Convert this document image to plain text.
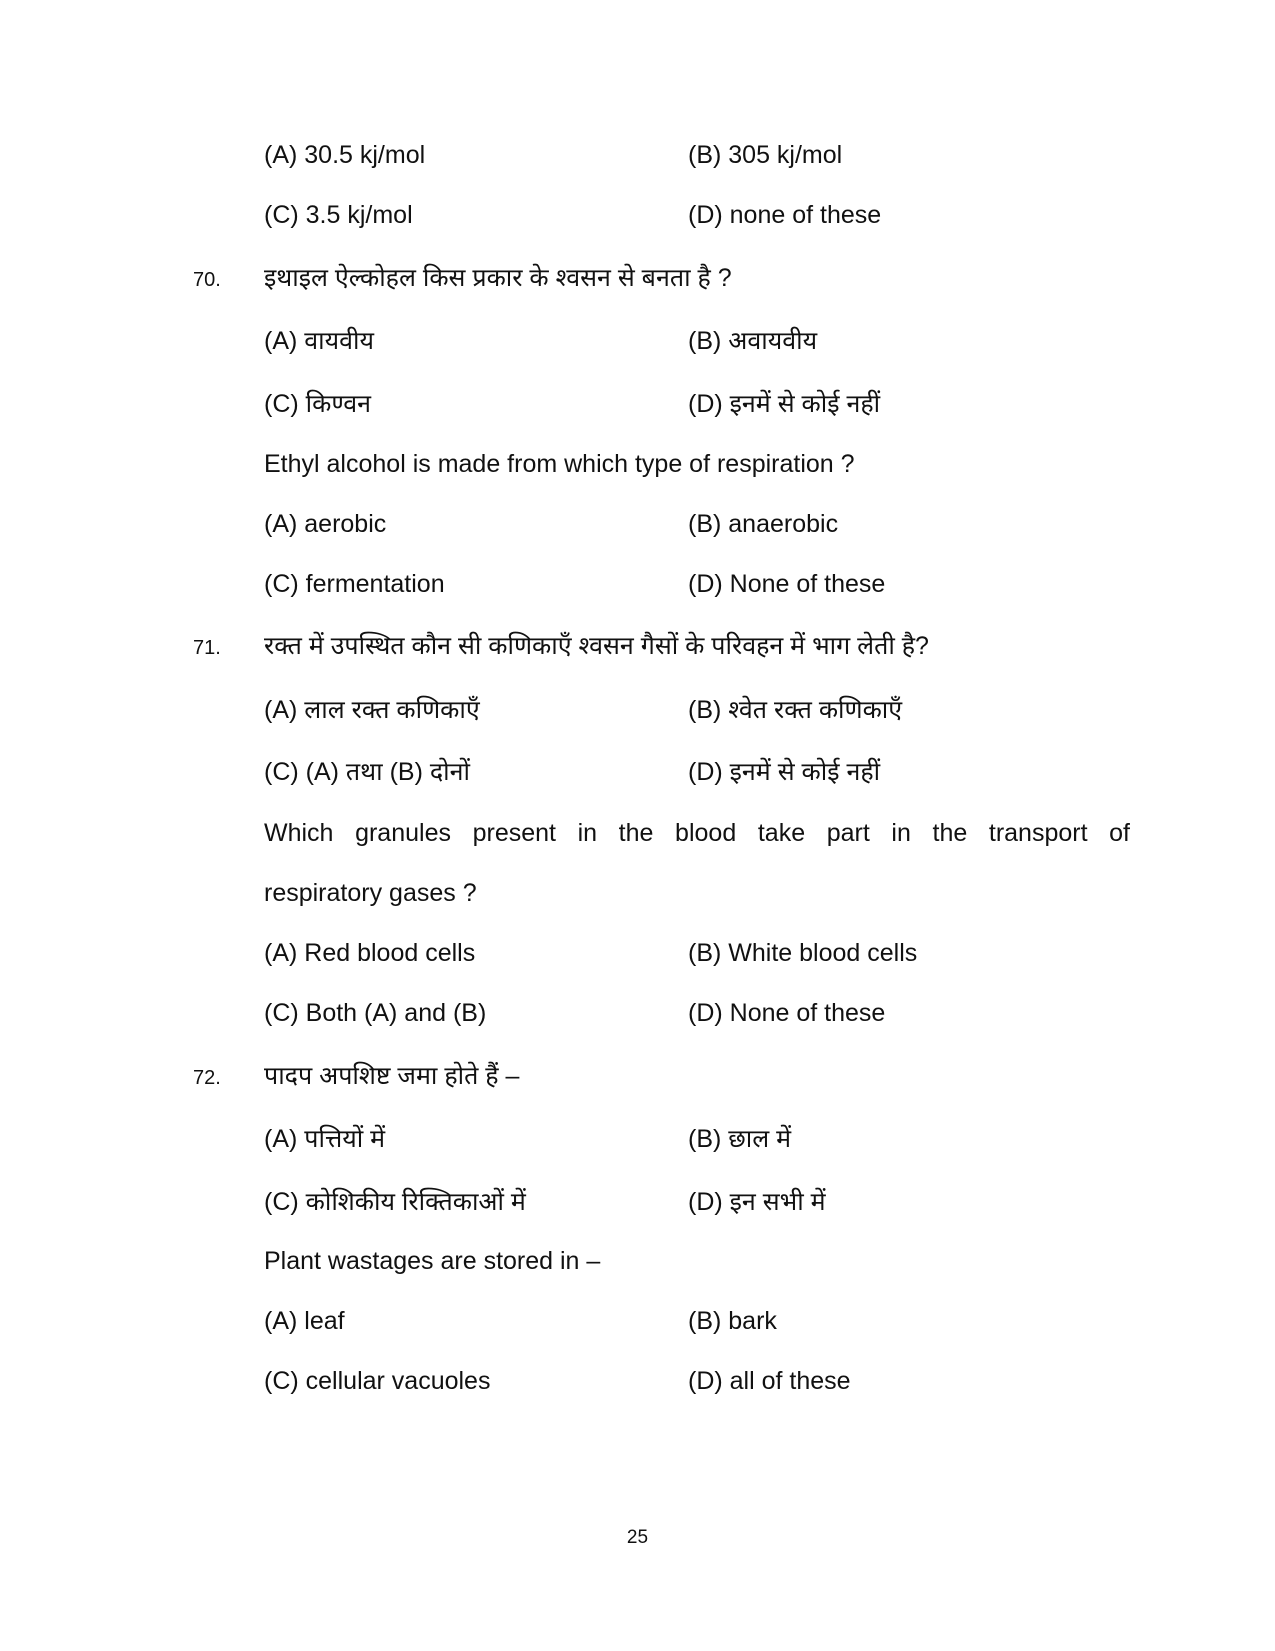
(A) 30.5 kj/mol	(B) 305 kj/mol
(C) 3.5 kj/mol	(D) none of these
70. इथाइल ऐल्कोहल किस प्रकार के श्वसन से बनता है ?
(A) वायवीय	(B) अवायवीय
(C) किण्वन	(D) इनमें से कोई नहीं
Ethyl alcohol is made from which type of respiration ?
(A) aerobic	(B) anaerobic
(C) fermentation	(D) None of these
71. रक्त में उपस्थित कौन सी कणिकाएँ श्वसन गैसों के परिवहन में भाग लेती है?
(A) लाल रक्त कणिकाएँ	(B) श्वेत रक्त कणिकाएँ
(C) (A) तथा (B) दोनों	(D) इनमें से कोई नहीं
Which granules present in the blood take part in the transport of
respiratory gases ?
(A) Red blood cells	(B) White blood cells
(C) Both (A) and (B)	(D) None of these
72. पादप अपशिष्ट जमा होते हैं –
(A) पत्तियों में	(B) छाल में
(C) कोशिकीय रिक्तिकाओं में	(D) इन सभी में
Plant wastages are stored in –
(A) leaf	(B) bark
(C) cellular vacuoles	(D) all of these
25
